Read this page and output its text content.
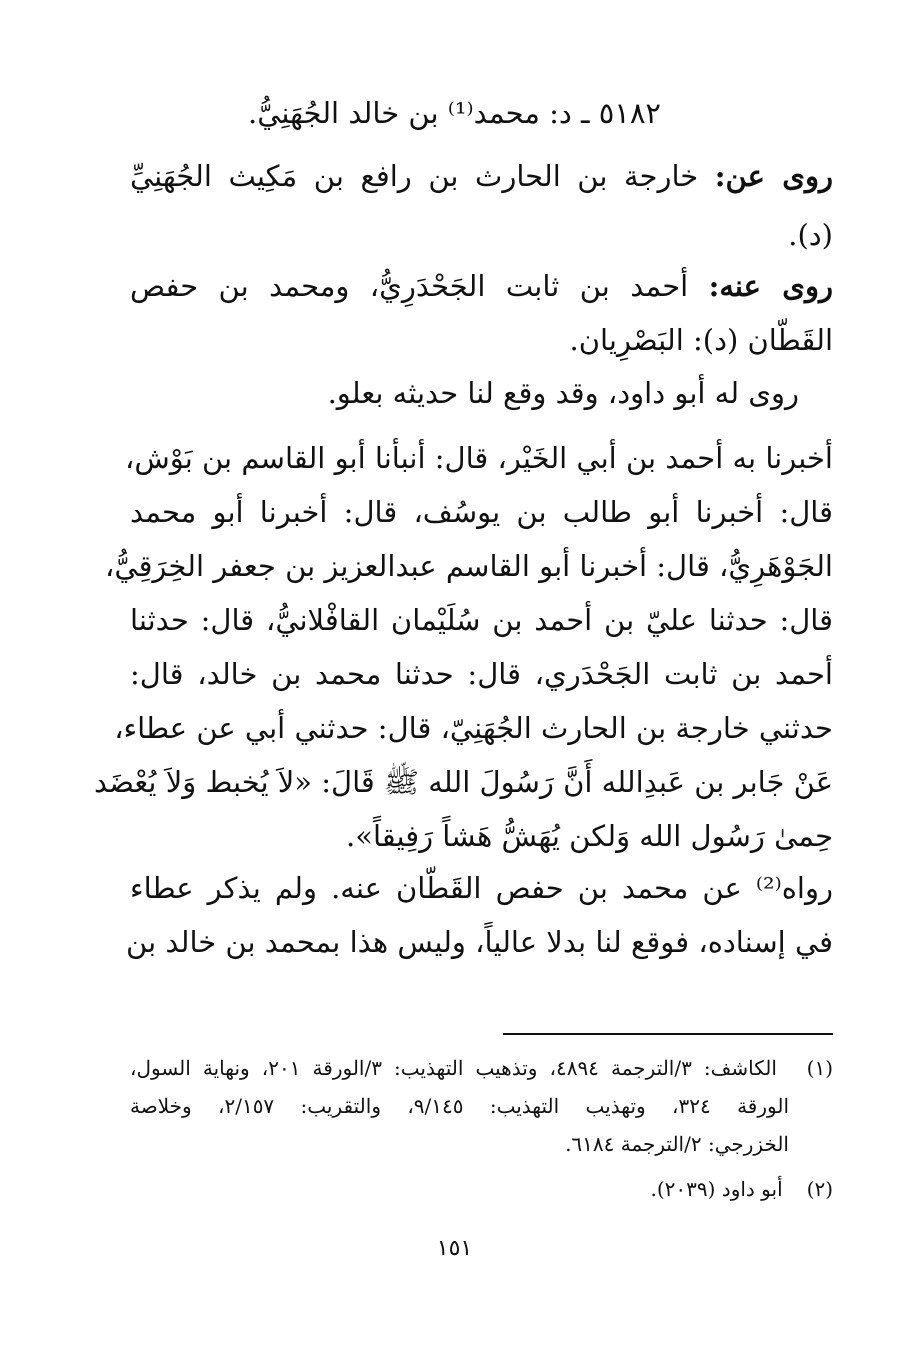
٥١٨٢ ـ د: محمد⁽¹⁾ بن خالد الجُهَنِيُّ.
روى عن: خارجة بن الحارث بن رافع بن مَكِيث الجُهَنِيِّ
(د).
روى عنه: أحمد بن ثابت الجَحْدَرِيُّ، ومحمد بن حفص
القَطّان (د): البَصْرِيان.
روى له أبو داود، وقد وقع لنا حديثه بعلو.
أخبرنا به أحمد بن أبي الخَيْر، قال: أنبأنا أبو القاسم بن بَوْش،
قال: أخبرنا أبو طالب بن يوسُف، قال: أخبرنا أبو محمد
الجَوْهَرِيُّ، قال: أخبرنا أبو القاسم عبدالعزيز بن جعفر الخِرَقِيُّ،
قال: حدثنا عليّ بن أحمد بن سُلَيْمان القافْلانيُّ، قال: حدثنا
أحمد بن ثابت الجَحْدَري، قال: حدثنا محمد بن خالد، قال:
حدثني خارجة بن الحارث الجُهَنِيّ، قال: حدثني أبي عن عطاء،
عَنْ جَابر بن عَبدِالله أَنَّ رَسُولَ الله ﷺ قَالَ: «لاَ يُخبط وَلاَ يُعْضَد
حِمىٰ رَسُول الله وَلكن يُهَشُّ هَشاً رَفِيقاً».
رواه⁽²⁾ عن محمد بن حفص القَطّان عنه. ولم يذكر عطاء
في إسناده، فوقع لنا بدلا عالياً، وليس هذا بمحمد بن خالد بن
(١) الكاشف: ٣/الترجمة ٤٨٩٤، وتذهيب التهذيب: ٣/الورقة ٢٠١، ونهاية السول،
الورقة ٣٢٤، وتهذيب التهذيب: ٩/١٤٥، والتقريب: ٢/١٥٧، وخلاصة
الخزرجي: ٢/الترجمة ٦١٨٤.
(٢) أبو داود (٢٠٣٩).
١٥١
